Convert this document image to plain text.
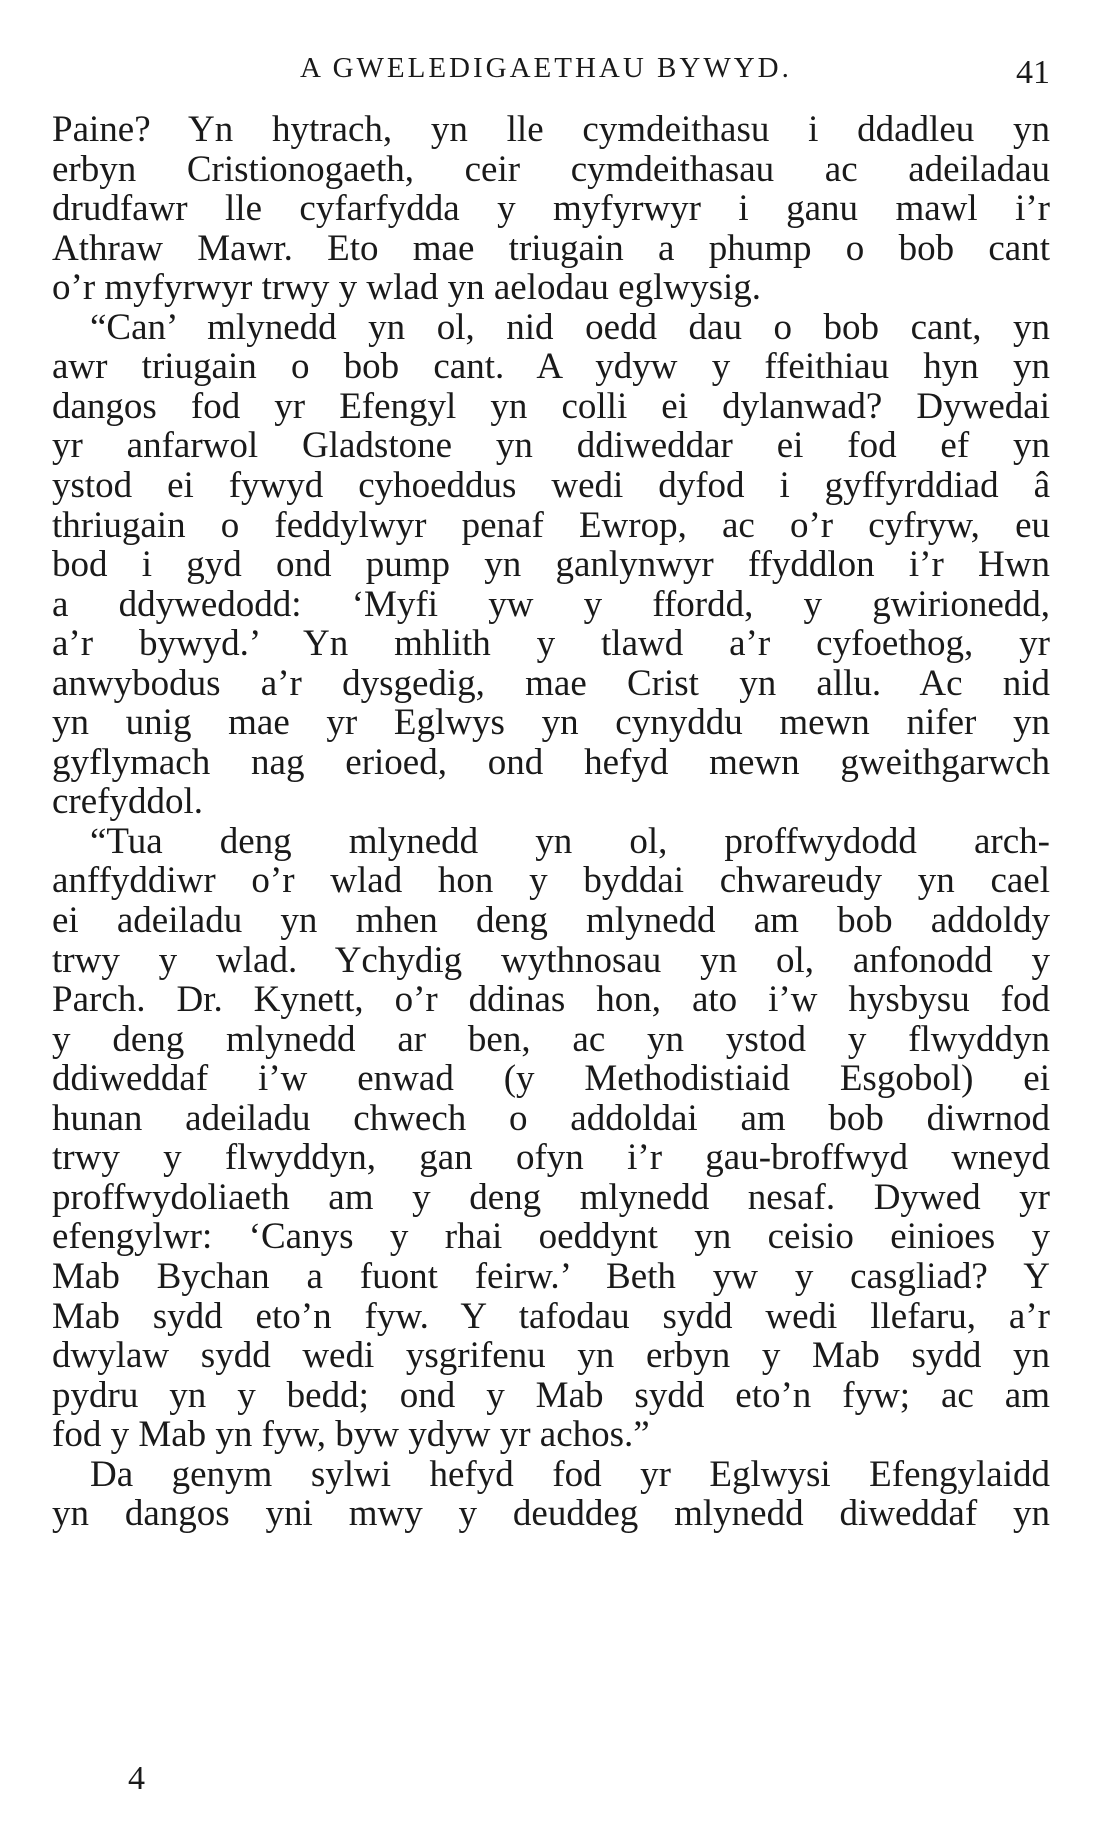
A GWELEDIGAETHAU BYWYD.	41
Paine? Yn hytrach, yn lle cymdeithasu i ddadleu yn
erbyn Cristionogaeth, ceir cymdeithasau ac adeiladau
drudfawr lle cyfarfydda y myfyrwyr i ganu mawl i’r
Athraw Mawr. Eto mae triugain a phump o bob cant
o’r myfyrwyr trwy y wlad yn aelodau eglwysig.
“Can’ mlynedd yn ol, nid oedd dau o bob cant, yn
awr triugain o bob cant. A ydyw y ffeithiau hyn yn
dangos fod yr Efengyl yn colli ei dylanwad? Dywedai
yr anfarwol Gladstone yn ddiweddar ei fod ef yn
ystod ei fywyd cyhoeddus wedi dyfod i gyffyrddiad â
thriugain o feddylwyr penaf Ewrop, ac o’r cyfryw, eu
bod i gyd ond pump yn ganlynwyr ffyddlon i’r Hwn
a ddywedodd: ‘Myfi yw y ffordd, y gwirionedd,
a’r bywyd.’ Yn mhlith y tlawd a’r cyfoethog, yr
anwybodus a’r dysgedig, mae Crist yn allu. Ac nid
yn unig mae yr Eglwys yn cynyddu mewn nifer yn
gyflymach nag erioed, ond hefyd mewn gweithgarwch
crefyddol.
“Tua deng mlynedd yn ol, proffwydodd arch-
anffyddiwr o’r wlad hon y byddai chwareudy yn cael
ei adeiladu yn mhen deng mlynedd am bob addoldy
trwy y wlad. Ychydig wythnosau yn ol, anfonodd y
Parch. Dr. Kynett, o’r ddinas hon, ato i’w hysbysu fod
y deng mlynedd ar ben, ac yn ystod y flwyddyn
ddiweddaf i’w enwad (y Methodistiaid Esgobol) ei
hunan adeiladu chwech o addoldai am bob diwrnod
trwy y flwyddyn, gan ofyn i’r gau-broffwyd wneyd
proffwydoliaeth am y deng mlynedd nesaf. Dywed yr
efengylwr: ‘Canys y rhai oeddynt yn ceisio einioes y
Mab Bychan a fuont feirw.’ Beth yw y casgliad? Y
Mab sydd eto’n fyw. Y tafodau sydd wedi llefaru, a’r
dwylaw sydd wedi ysgrifenu yn erbyn y Mab sydd yn
pydru yn y bedd; ond y Mab sydd eto’n fyw; ac am
fod y Mab yn fyw, byw ydyw yr achos.”
Da genym sylwi hefyd fod yr Eglwysi Efengylaidd
yn dangos yni mwy y deuddeg mlynedd diweddaf yn
4
